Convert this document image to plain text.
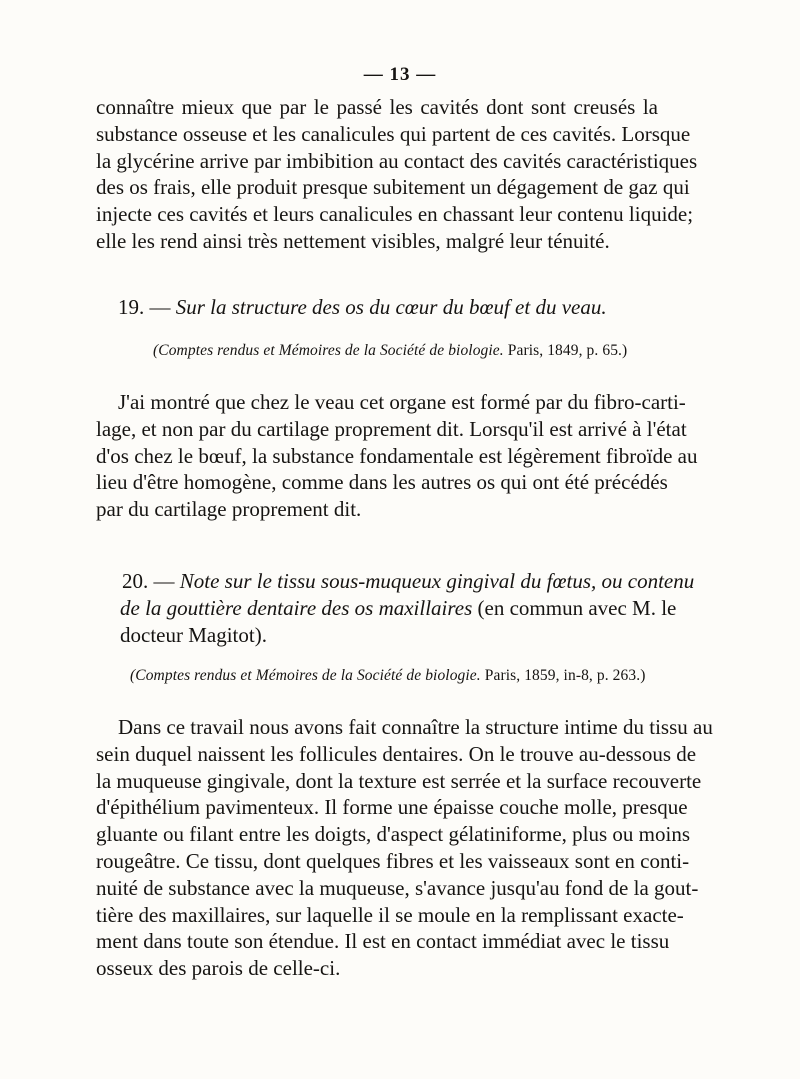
— 13 —
connaître mieux que par le passé les cavités dont sont creusés la
substance osseuse et les canalicules qui partent de ces cavités. Lorsque
la glycérine arrive par imbibition au contact des cavités caractéristiques
des os frais, elle produit presque subitement un dégagement de gaz qui
injecte ces cavités et leurs canalicules en chassant leur contenu liquide;
elle les rend ainsi très nettement visibles, malgré leur ténuité.
19. — Sur la structure des os du cœur du bœuf et du veau.
(Comptes rendus et Mémoires de la Société de biologie. Paris, 1849, p. 65.)
J'ai montré que chez le veau cet organe est formé par du fibro-carti-
lage, et non par du cartilage proprement dit. Lorsqu'il est arrivé à l'état
d'os chez le bœuf, la substance fondamentale est légèrement fibroïde au
lieu d'être homogène, comme dans les autres os qui ont été précédés
par du cartilage proprement dit.
20. — Note sur le tissu sous-muqueux gingival du fœtus, ou contenu
de la gouttière dentaire des os maxillaires (en commun avec M. le
docteur Magitot).
(Comptes rendus et Mémoires de la Société de biologie. Paris, 1859, in-8, p. 263.)
Dans ce travail nous avons fait connaître la structure intime du tissu au
sein duquel naissent les follicules dentaires. On le trouve au-dessous de
la muqueuse gingivale, dont la texture est serrée et la surface recouverte
d'épithélium pavimenteux. Il forme une épaisse couche molle, presque
gluante ou filant entre les doigts, d'aspect gélatiniforme, plus ou moins
rougeâtre. Ce tissu, dont quelques fibres et les vaisseaux sont en conti-
nuité de substance avec la muqueuse, s'avance jusqu'au fond de la gout-
tière des maxillaires, sur laquelle il se moule en la remplissant exacte-
ment dans toute son étendue. Il est en contact immédiat avec le tissu
osseux des parois de celle-ci.
